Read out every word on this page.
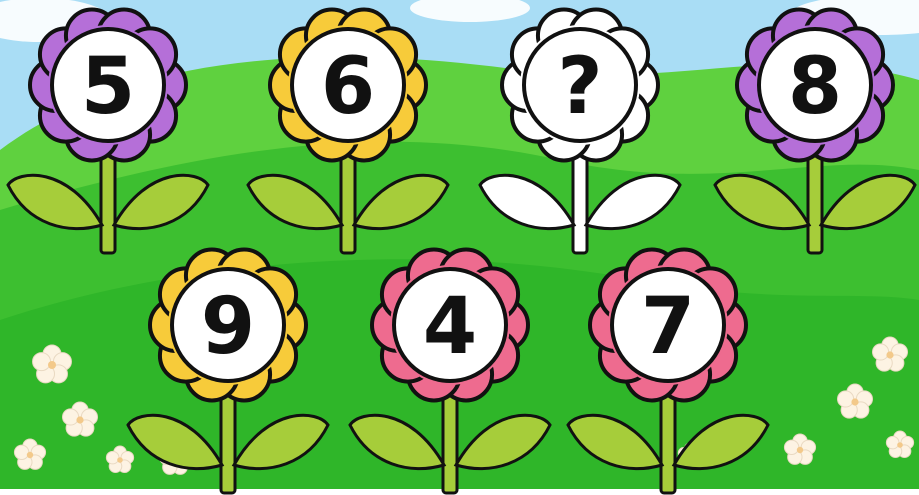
5 6 ? 8
9 4 7
